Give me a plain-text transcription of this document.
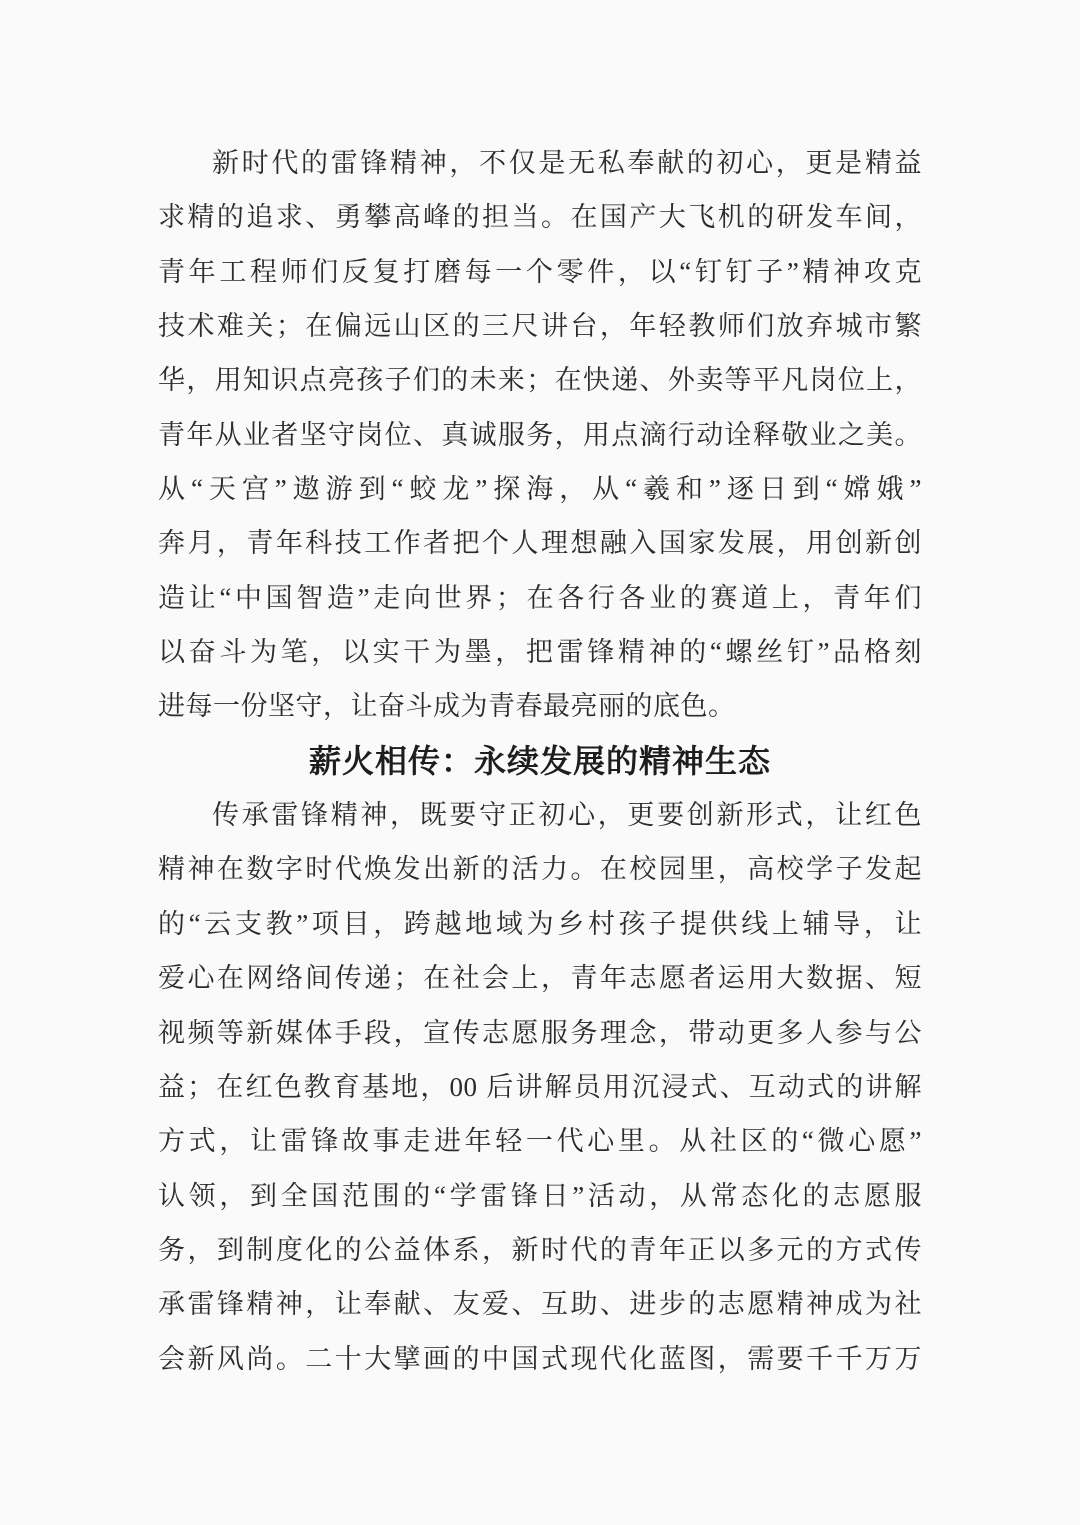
新时代的雷锋精神，不仅是无私奉献的初心，更是精益
求精的追求、勇攀高峰的担当。在国产大飞机的研发车间，
青年工程师们反复打磨每一个零件，以“钉钉子”精神攻克
技术难关；在偏远山区的三尺讲台，年轻教师们放弃城市繁
华，用知识点亮孩子们的未来；在快递、外卖等平凡岗位上，
青年从业者坚守岗位、真诚服务，用点滴行动诠释敬业之美。
从“天宫”遨游到“蛟龙”探海，从“羲和”逐日到“嫦娥”
奔月，青年科技工作者把个人理想融入国家发展，用创新创
造让“中国智造”走向世界；在各行各业的赛道上，青年们
以奋斗为笔，以实干为墨，把雷锋精神的“螺丝钉”品格刻
进每一份坚守，让奋斗成为青春最亮丽的底色。
薪火相传：永续发展的精神生态
传承雷锋精神，既要守正初心，更要创新形式，让红色
精神在数字时代焕发出新的活力。在校园里，高校学子发起
的“云支教”项目，跨越地域为乡村孩子提供线上辅导，让
爱心在网络间传递；在社会上，青年志愿者运用大数据、短
视频等新媒体手段，宣传志愿服务理念，带动更多人参与公
益；在红色教育基地，00 后讲解员用沉浸式、互动式的讲解
方式，让雷锋故事走进年轻一代心里。从社区的“微心愿”
认领，到全国范围的“学雷锋日”活动，从常态化的志愿服
务，到制度化的公益体系，新时代的青年正以多元的方式传
承雷锋精神，让奉献、友爱、互助、进步的志愿精神成为社
会新风尚。二十大擘画的中国式现代化蓝图，需要千千万万
